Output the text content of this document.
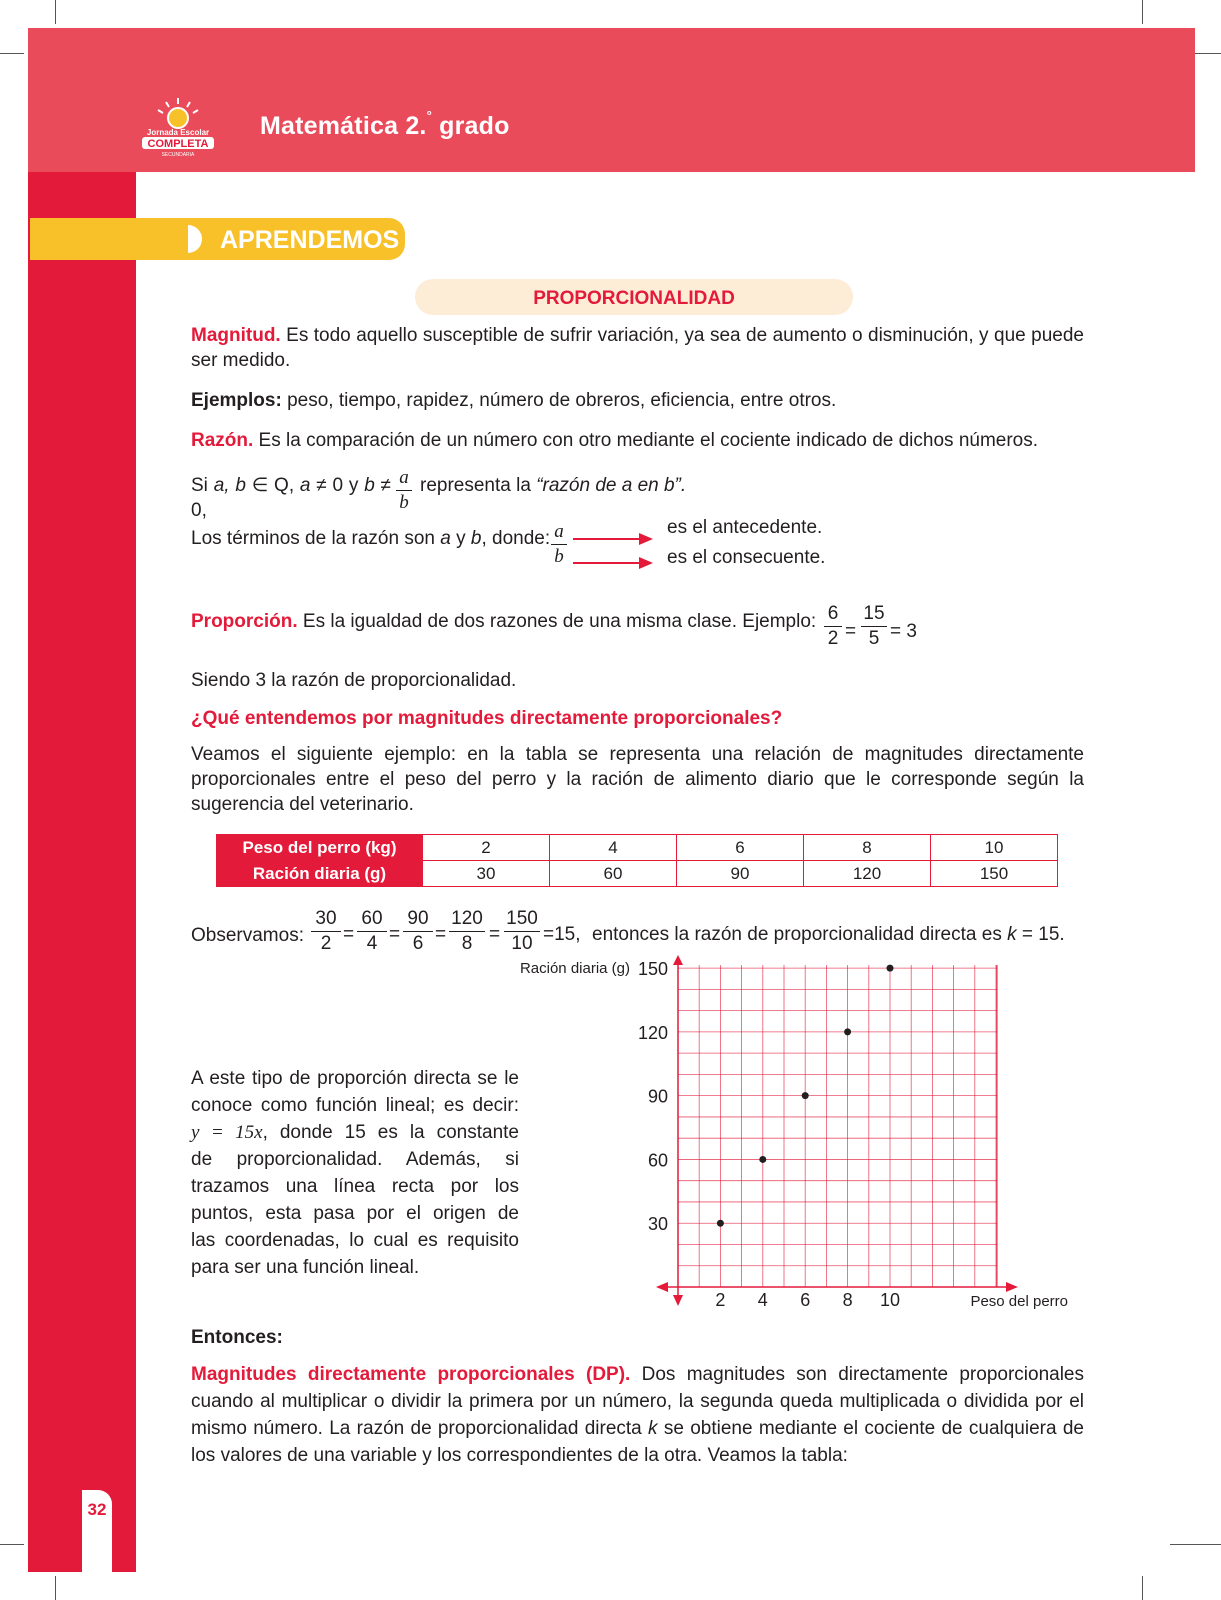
Jornada Escolar
COMPLETA
SECUNDARIA
Matemática 2.° grado
APRENDEMOS
PROPORCIONALIDAD
Magnitud. Es todo aquello susceptible de sufrir variación, ya sea de aumento o disminución, y que puede ser medido.
Ejemplos: peso, tiempo, rapidez, número de obreros, eficiencia, entre otros.
Razón. Es la comparación de un número con otro mediante el cociente indicado de dichos números.
Si a, b ∈ Q, a ≠ 0 y b ≠ 0,
a
b
representa la “razón de a en b”.
Los términos de la razón son a y b, donde: a
b
es el antecedente.
es el consecuente.
Proporción. Es la igualdad de dos razones de una misma clase. Ejemplo: 6
2 =
15
5 = 3
Siendo 3 la razón de proporcionalidad.
¿Qué entendemos por magnitudes directamente proporcionales?
Veamos el siguiente ejemplo: en la tabla se representa una relación de magnitudes directamente proporcionales entre el peso del perro y la ración de alimento diario que le corresponde según la sugerencia del veterinario.
Peso del perro (kg)	2	4	6	8	10
Ración diaria (g)	30	60	90	120	150
Observamos:
30
2 =
60
4 =
90
6 =
120
8 =
150
10 =15, entonces la razón de proporcionalidad directa es k = 15.
A este tipo de proporción directa se le
conoce como función lineal; es decir:
y = 15x, donde 15 es la constante
de proporcionalidad. Además, si
trazamos una línea recta por los
puntos, esta pasa por el origen de
las coordenadas, lo cual es requisito
para ser una función lineal.
30
60
90
120
150
2 4 6 8 10
Ración diaria (g)
Peso del perro
Entonces:
Magnitudes directamente proporcionales (DP). Dos magnitudes son directamente proporcionales cuando al multiplicar o dividir la primera por un número, la segunda queda multiplicada o dividida por el mismo número. La razón de proporcionalidad directa k se obtiene mediante el cociente de cualquiera de los valores de una variable y los correspondientes de la otra. Veamos la tabla:
32
